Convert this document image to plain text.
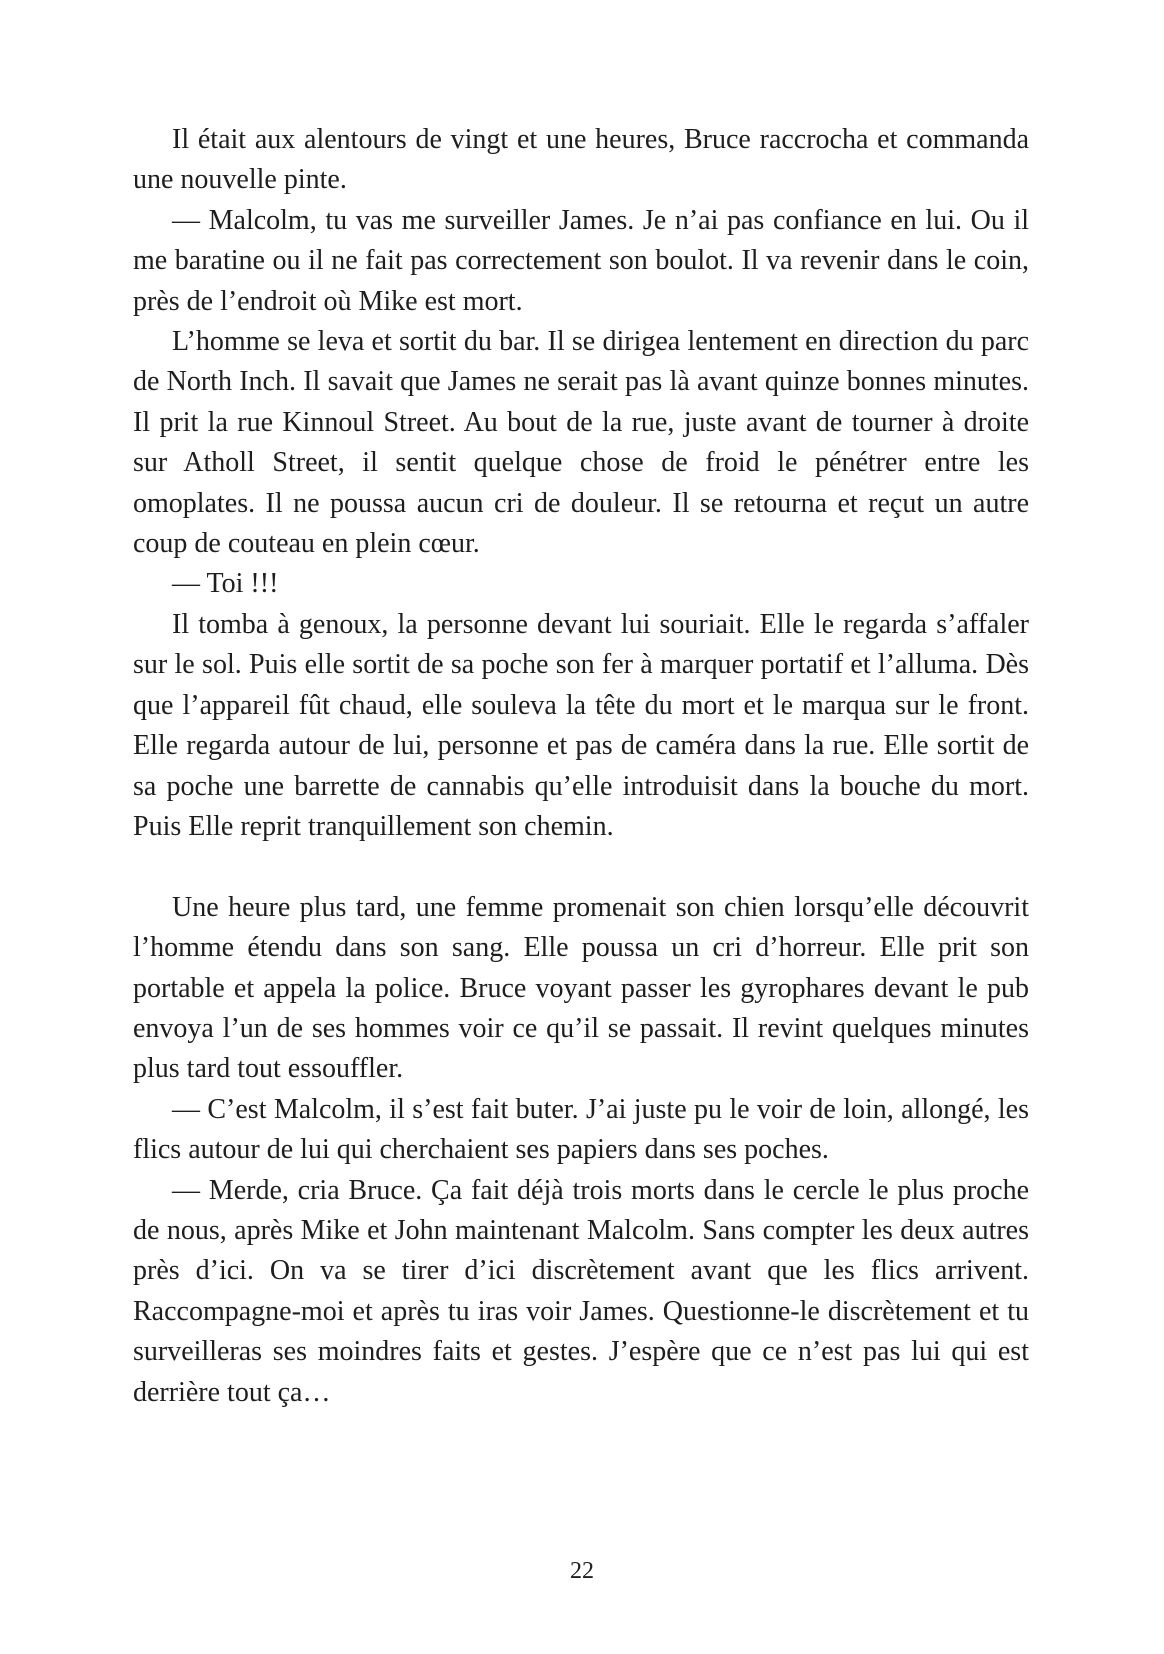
Il était aux alentours de vingt et une heures, Bruce raccrocha et commanda une nouvelle pinte.

— Malcolm, tu vas me surveiller James. Je n’ai pas confiance en lui. Ou il me baratine ou il ne fait pas correctement son boulot. Il va revenir dans le coin, près de l’endroit où Mike est mort.

L’homme se leva et sortit du bar. Il se dirigea lentement en direction du parc de North Inch. Il savait que James ne serait pas là avant quinze bonnes minutes. Il prit la rue Kinnoul Street. Au bout de la rue, juste avant de tourner à droite sur Atholl Street, il sentit quelque chose de froid le pénétrer entre les omoplates. Il ne poussa aucun cri de douleur. Il se retourna et reçut un autre coup de couteau en plein cœur.

— Toi !!!

Il tomba à genoux, la personne devant lui souriait. Elle le regarda s’affaler sur le sol. Puis elle sortit de sa poche son fer à marquer portatif et l’alluma. Dès que l’appareil fût chaud, elle souleva la tête du mort et le marqua sur le front. Elle regarda autour de lui, personne et pas de caméra dans la rue. Elle sortit de sa poche une barrette de cannabis qu’elle introduisit dans la bouche du mort. Puis Elle reprit tranquillement son chemin.

Une heure plus tard, une femme promenait son chien lorsqu’elle découvrit l’homme étendu dans son sang. Elle poussa un cri d’horreur. Elle prit son portable et appela la police. Bruce voyant passer les gyrophares devant le pub envoya l’un de ses hommes voir ce qu’il se passait. Il revint quelques minutes plus tard tout essouffler.

— C’est Malcolm, il s’est fait buter. J’ai juste pu le voir de loin, allongé, les flics autour de lui qui cherchaient ses papiers dans ses poches.

— Merde, cria Bruce. Ça fait déjà trois morts dans le cercle le plus proche de nous, après Mike et John maintenant Malcolm. Sans compter les deux autres près d’ici. On va se tirer d’ici discrètement avant que les flics arrivent. Raccompagne-moi et après tu iras voir James. Questionne-le discrètement et tu surveilleras ses moindres faits et gestes. J’espère que ce n’est pas lui qui est derrière tout ça…

22
